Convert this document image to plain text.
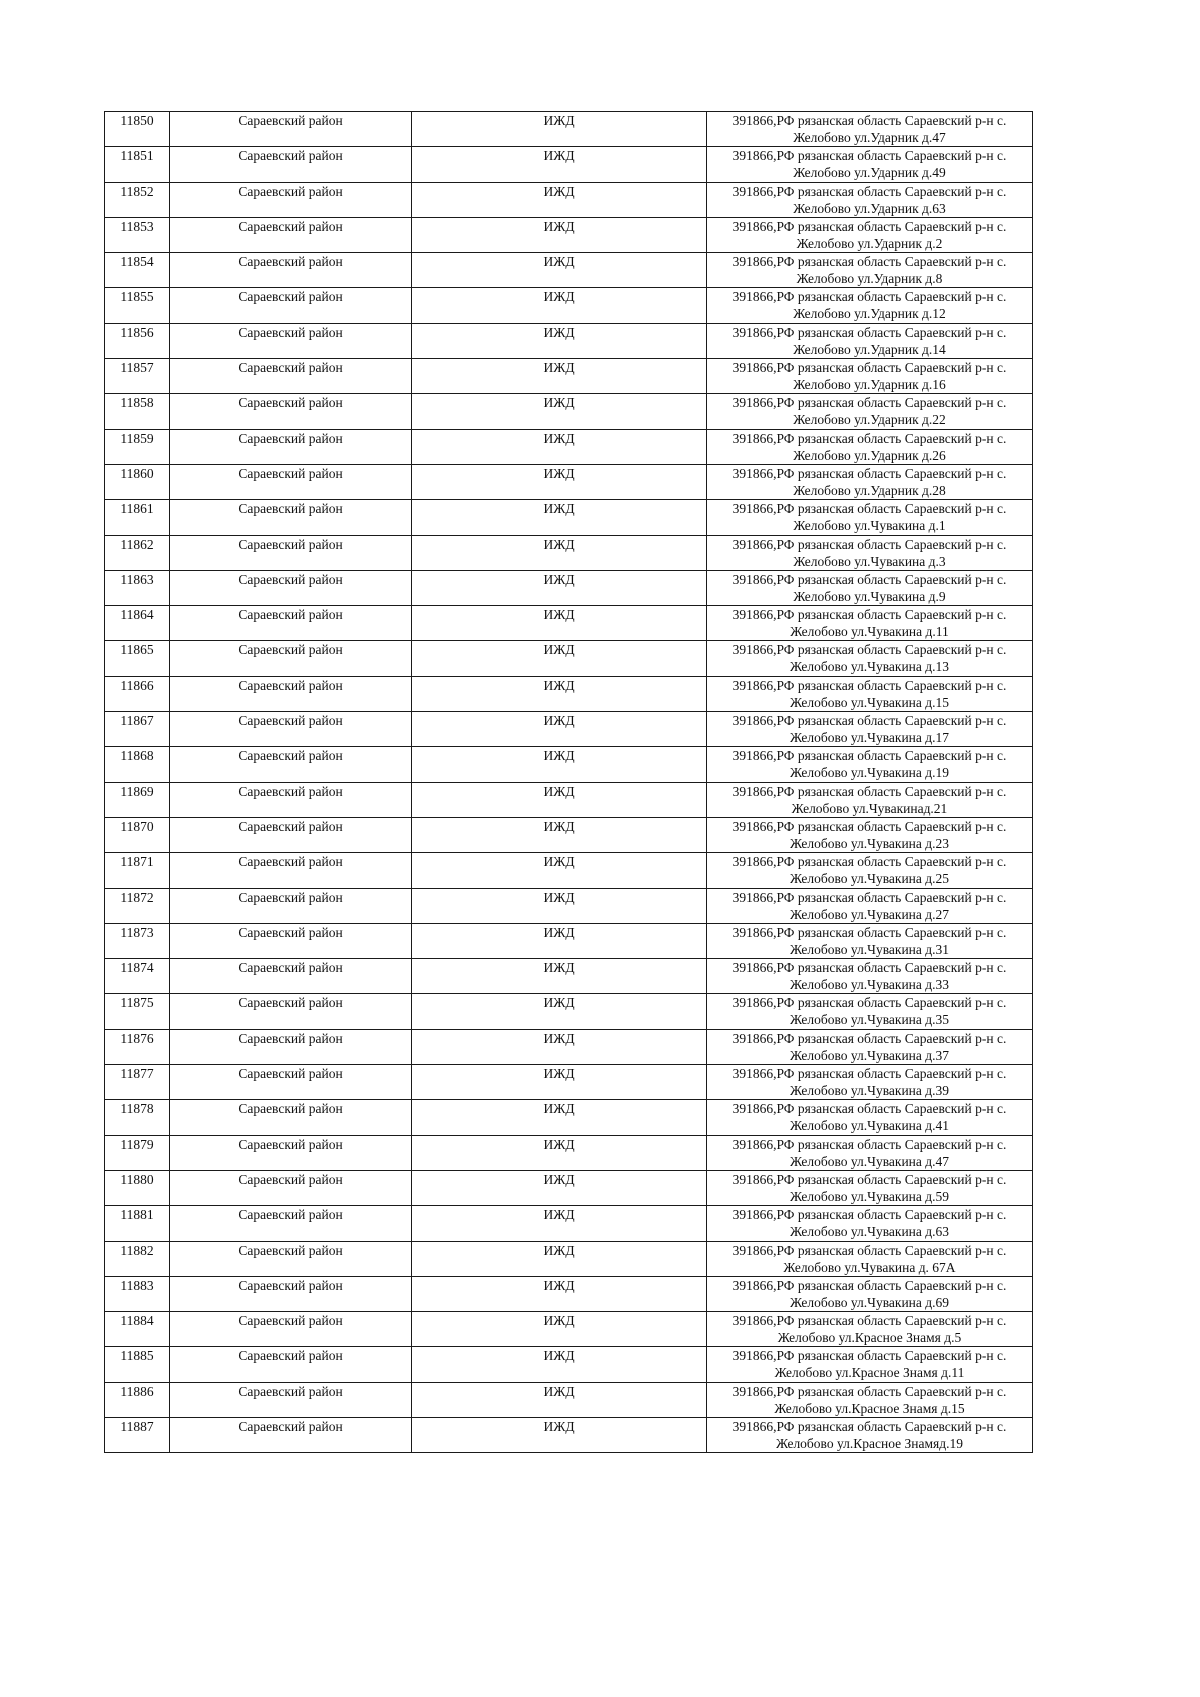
11850	Сараевский район	ИЖД	391866,РФ рязанская область Сараевский р-н с.
Желобово ул.Ударник д.47

11851	Сараевский район	ИЖД	391866,РФ рязанская область Сараевский р-н с.
Желобово ул.Ударник д.49

11852	Сараевский район	ИЖД	391866,РФ рязанская область Сараевский р-н с.
Желобово ул.Ударник д.63

11853	Сараевский район	ИЖД	391866,РФ рязанская область Сараевский р-н с.
Желобово ул.Ударник д.2

11854	Сараевский район	ИЖД	391866,РФ рязанская область Сараевский р-н с.
Желобово ул.Ударник д.8

11855	Сараевский район	ИЖД	391866,РФ рязанская область Сараевский р-н с.
Желобово ул.Ударник д.12

11856	Сараевский район	ИЖД	391866,РФ рязанская область Сараевский р-н с.
Желобово ул.Ударник д.14

11857	Сараевский район	ИЖД	391866,РФ рязанская область Сараевский р-н с.
Желобово ул.Ударник д.16

11858	Сараевский район	ИЖД	391866,РФ рязанская область Сараевский р-н с.
Желобово ул.Ударник д.22

11859	Сараевский район	ИЖД	391866,РФ рязанская область Сараевский р-н с.
Желобово ул.Ударник д.26

11860	Сараевский район	ИЖД	391866,РФ рязанская область Сараевский р-н с.
Желобово ул.Ударник д.28

11861	Сараевский район	ИЖД	391866,РФ рязанская область Сараевский р-н с.
Желобово ул.Чувакина д.1

11862	Сараевский район	ИЖД	391866,РФ рязанская область Сараевский р-н с.
Желобово ул.Чувакина д.3

11863	Сараевский район	ИЖД	391866,РФ рязанская область Сараевский р-н с.
Желобово ул.Чувакина д.9

11864	Сараевский район	ИЖД	391866,РФ рязанская область Сараевский р-н с.
Желобово ул.Чувакина д.11

11865	Сараевский район	ИЖД	391866,РФ рязанская область Сараевский р-н с.
Желобово ул.Чувакина д.13

11866	Сараевский район	ИЖД	391866,РФ рязанская область Сараевский р-н с.
Желобово ул.Чувакина д.15

11867	Сараевский район	ИЖД	391866,РФ рязанская область Сараевский р-н с.
Желобово ул.Чувакина д.17

11868	Сараевский район	ИЖД	391866,РФ рязанская область Сараевский р-н с.
Желобово ул.Чувакина д.19

11869	Сараевский район	ИЖД	391866,РФ рязанская область Сараевский р-н с.
Желобово ул.Чувакинад.21

11870	Сараевский район	ИЖД	391866,РФ рязанская область Сараевский р-н с.
Желобово ул.Чувакина д.23

11871	Сараевский район	ИЖД	391866,РФ рязанская область Сараевский р-н с.
Желобово ул.Чувакина д.25

11872	Сараевский район	ИЖД	391866,РФ рязанская область Сараевский р-н с.
Желобово ул.Чувакина д.27

11873	Сараевский район	ИЖД	391866,РФ рязанская область Сараевский р-н с.
Желобово ул.Чувакина д.31

11874	Сараевский район	ИЖД	391866,РФ рязанская область Сараевский р-н с.
Желобово ул.Чувакина д.33

11875	Сараевский район	ИЖД	391866,РФ рязанская область Сараевский р-н с.
Желобово ул.Чувакина д.35

11876	Сараевский район	ИЖД	391866,РФ рязанская область Сараевский р-н с.
Желобово ул.Чувакина д.37

11877	Сараевский район	ИЖД	391866,РФ рязанская область Сараевский р-н с.
Желобово ул.Чувакина д.39

11878	Сараевский район	ИЖД	391866,РФ рязанская область Сараевский р-н с.
Желобово ул.Чувакина д.41

11879	Сараевский район	ИЖД	391866,РФ рязанская область Сараевский р-н с.
Желобово ул.Чувакина д.47

11880	Сараевский район	ИЖД	391866,РФ рязанская область Сараевский р-н с.
Желобово ул.Чувакина д.59

11881	Сараевский район	ИЖД	391866,РФ рязанская область Сараевский р-н с.
Желобово ул.Чувакина д.63

11882	Сараевский район	ИЖД	391866,РФ рязанская область Сараевский р-н с.
Желобово ул.Чувакина д. 67А

11883	Сараевский район	ИЖД	391866,РФ рязанская область Сараевский р-н с.
Желобово ул.Чувакина д.69

11884	Сараевский район	ИЖД	391866,РФ рязанская область Сараевский р-н с.
Желобово ул.Красное Знамя д.5

11885	Сараевский район	ИЖД	391866,РФ рязанская область Сараевский р-н с.
Желобово ул.Красное Знамя д.11

11886	Сараевский район	ИЖД	391866,РФ рязанская область Сараевский р-н с.
Желобово ул.Красное Знамя д.15

11887	Сараевский район	ИЖД	391866,РФ рязанская область Сараевский р-н с.
Желобово ул.Красное Знамяд.19
